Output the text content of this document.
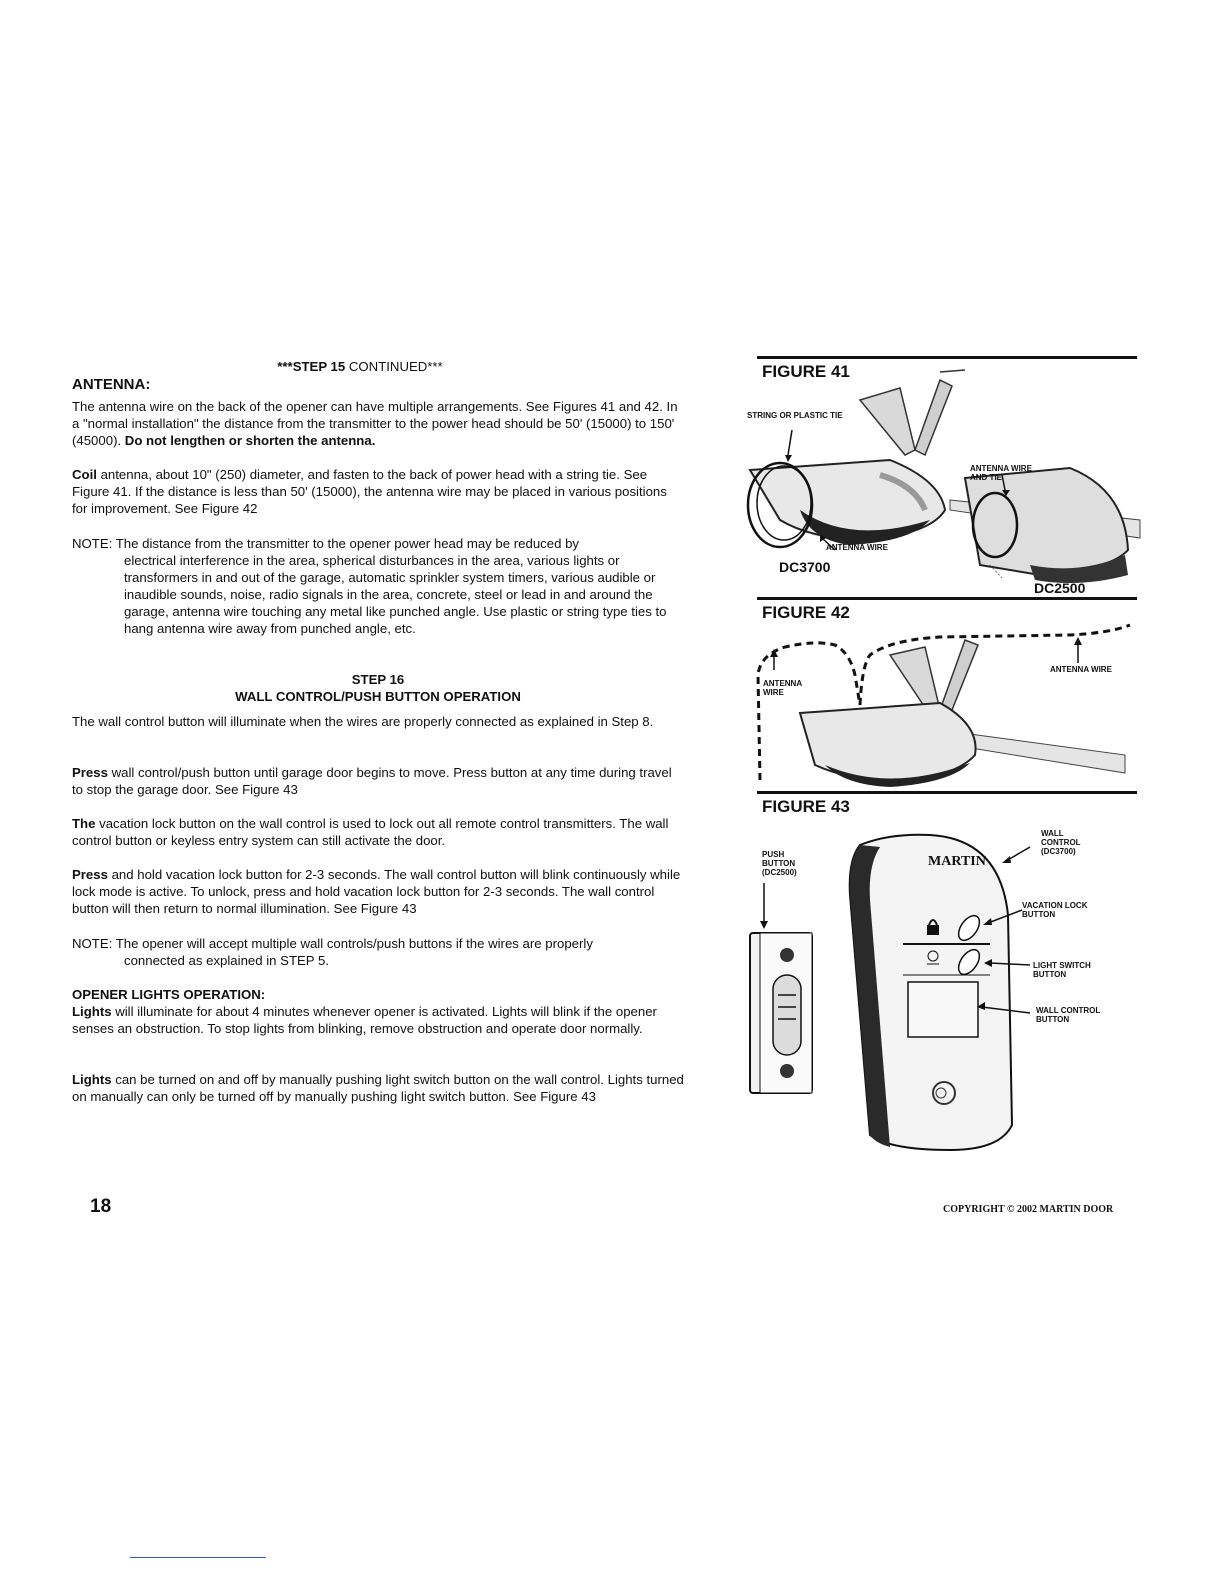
***STEP 15 CONTINUED***
ANTENNA:
The antenna wire on the back of the opener can have multiple arrangements. See Figures 41 and 42. In a "normal installation" the distance from the transmitter to the power head should be 50' (15000) to 150' (45000). Do not lengthen or shorten the antenna.
Coil antenna, about 10" (250) diameter, and fasten to the back of power head with a string tie. See Figure 41. If the distance is less than 50' (15000), the antenna wire may be placed in various positions for improvement. See Figure 42
NOTE: The distance from the transmitter to the opener power head may be reduced by
electrical interference in the area, spherical disturbances in the area, various lights or transformers in and out of the garage, automatic sprinkler system timers, various audible or inaudible sounds, noise, radio signals in the area, concrete, steel or lead in and around the garage, antenna wire touching any metal like punched angle. Use plastic or string type ties to hang antenna wire away from punched angle, etc.
STEP 16
WALL CONTROL/PUSH BUTTON OPERATION
The wall control button will illuminate when the wires are properly connected as explained in Step 8.
Press wall control/push button until garage door begins to move. Press button at any time during travel to stop the garage door. See Figure 43
The vacation lock button on the wall control is used to lock out all remote control transmitters. The wall control button or keyless entry system can still activate the door.
Press and hold vacation lock button for 2-3 seconds. The wall control button will blink continuously while lock mode is active. To unlock, press and hold vacation lock button for 2-3 seconds. The wall control button will then return to normal illumination. See Figure 43
NOTE: The opener will accept multiple wall controls/push buttons if the wires are properly
connected as explained in STEP 5.
OPENER LIGHTS OPERATION:
Lights will illuminate for about 4 minutes whenever opener is activated. Lights will blink if the opener senses an obstruction. To stop lights from blinking, remove obstruction and operate door normally.
Lights can be turned on and off by manually pushing light switch button on the wall control. Lights turned on manually can only be turned off by manually pushing light switch button. See Figure 43
FIGURE 41
STRING OR PLASTIC TIE
ANTENNA WIRE
AND TIE
ANTENNA WIRE
DC3700
DC2500
FIGURE 42
ANTENNA
WIRE
ANTENNA WIRE
FIGURE 43
PUSH
BUTTON
(DC2500)
MARTIN
WALL
CONTROL
(DC3700)
VACATION LOCK
BUTTON
LIGHT SWITCH
BUTTON
WALL CONTROL
BUTTON
18	COPYRIGHT © 2002 MARTIN DOOR
